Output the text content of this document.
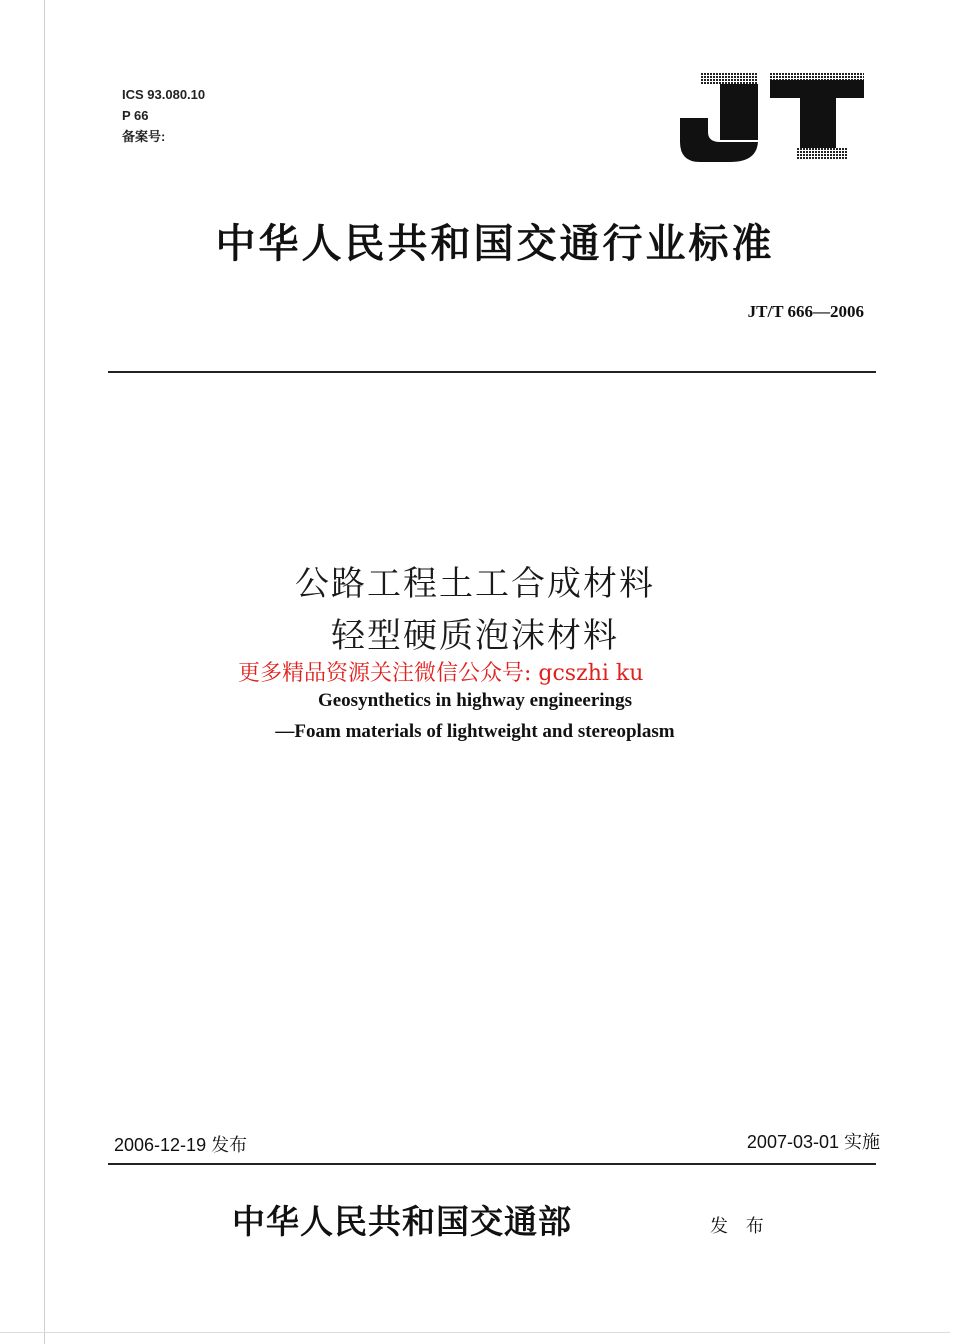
ICS 93.080.10
P 66
备案号:
JT
中华人民共和国交通行业标准
JT/T 666—2006
公路工程土工合成材料
轻型硬质泡沫材料
更多精品资源关注微信公众号: gcszhi ku
Geosynthetics in highway engineerings
—Foam materials of lightweight and stereoplasm
2006-12-19 发布	2007-03-01 实施
中华人民共和国交通部	发 布
